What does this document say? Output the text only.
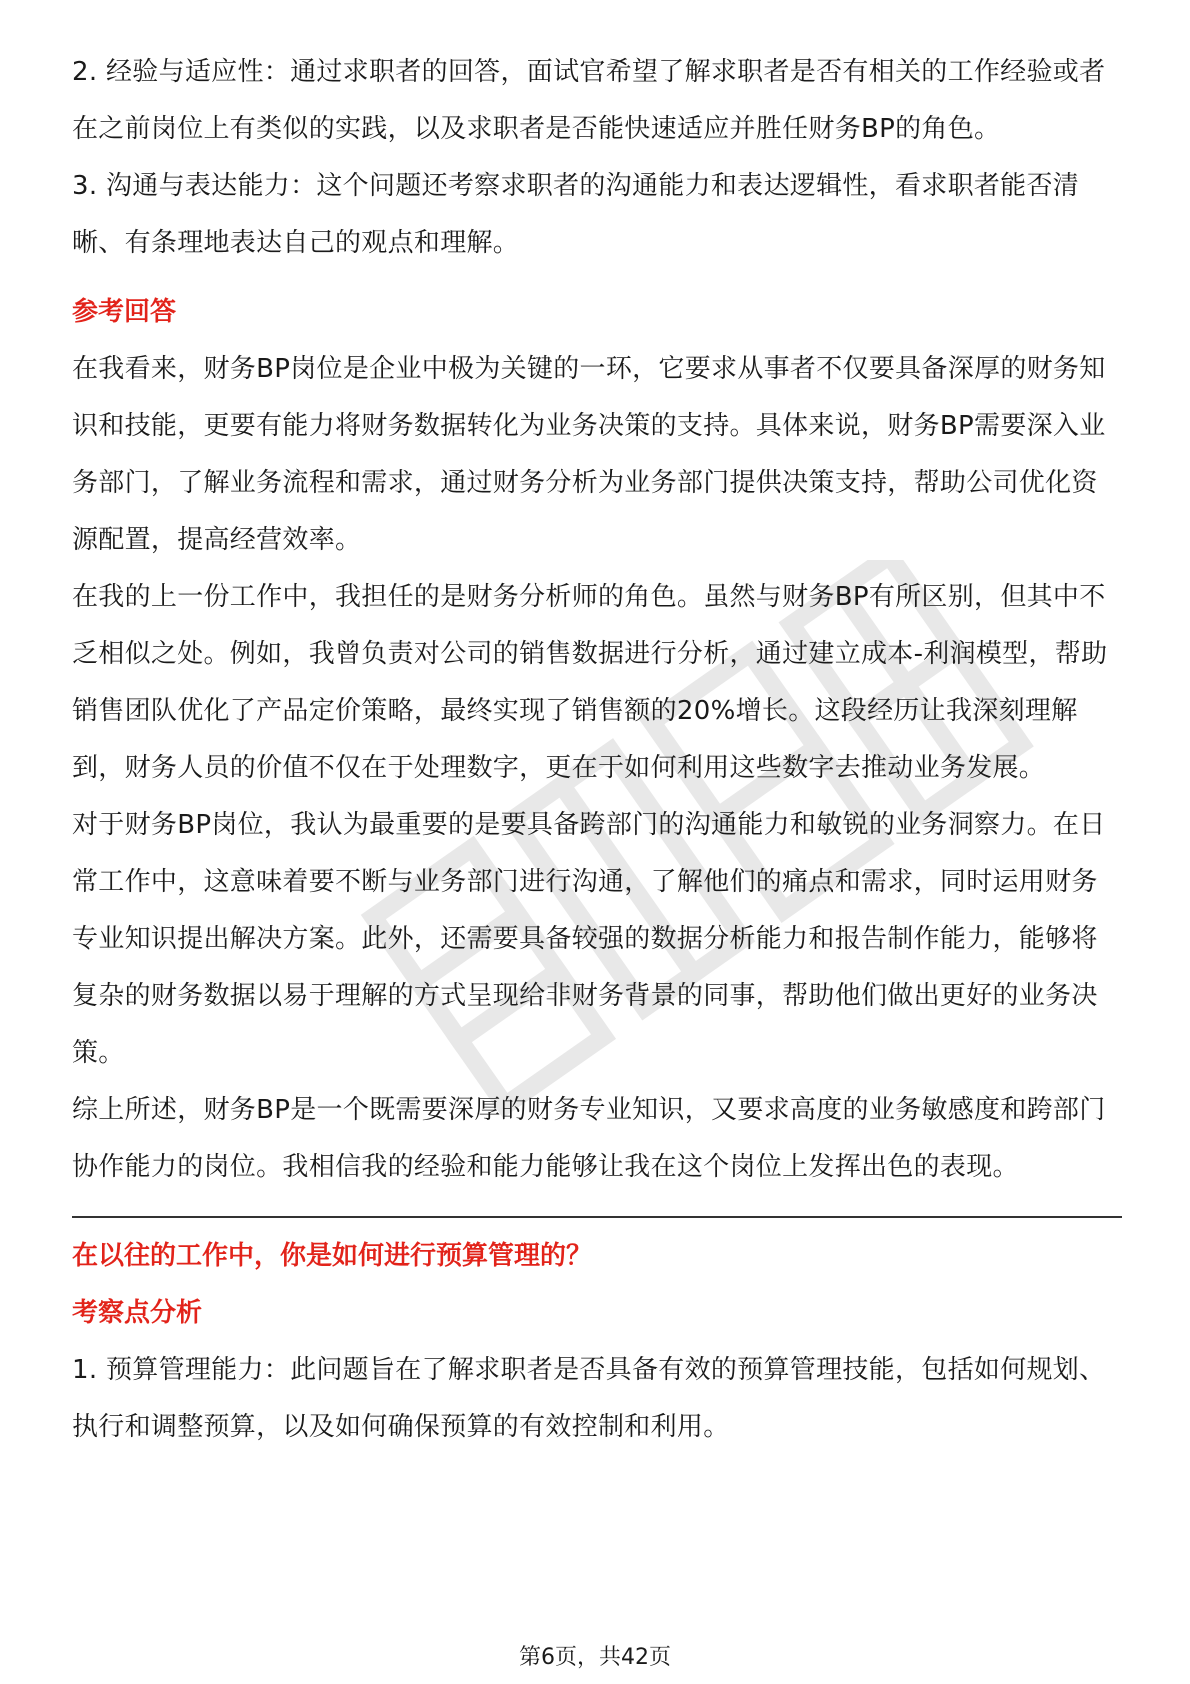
2. 经验与适应性：通过求职者的回答，面试官希望了解求职者是否有相关的工作经验或者在之前岗位上有类似的实践，以及求职者是否能快速适应并胜任财务BP的角色。

3. 沟通与表达能力：这个问题还考察求职者的沟通能力和表达逻辑性，看求职者能否清晰、有条理地表达自己的观点和理解。

参考回答

在我看来，财务BP岗位是企业中极为关键的一环，它要求从事者不仅要具备深厚的财务知识和技能，更要有能力将财务数据转化为业务决策的支持。具体来说，财务BP需要深入业务部门，了解业务流程和需求，通过财务分析为业务部门提供决策支持，帮助公司优化资源配置，提高经营效率。

在我的上一份工作中，我担任的是财务分析师的角色。虽然与财务BP有所区别，但其中不乏相似之处。例如，我曾负责对公司的销售数据进行分析，通过建立成本-利润模型，帮助销售团队优化了产品定价策略，最终实现了销售额的20%增长。这段经历让我深刻理解到，财务人员的价值不仅在于处理数字，更在于如何利用这些数字去推动业务发展。

对于财务BP岗位，我认为最重要的是要具备跨部门的沟通能力和敏锐的业务洞察力。在日常工作中，这意味着要不断与业务部门进行沟通，了解他们的痛点和需求，同时运用财务专业知识提出解决方案。此外，还需要具备较强的数据分析能力和报告制作能力，能够将复杂的财务数据以易于理解的方式呈现给非财务背景的同事，帮助他们做出更好的业务决策。

综上所述，财务BP是一个既需要深厚的财务专业知识，又要求高度的业务敏感度和跨部门协作能力的岗位。我相信我的经验和能力能够让我在这个岗位上发挥出色的表现。

在以往的工作中，你是如何进行预算管理的？
考察点分析

1. 预算管理能力：此问题旨在了解求职者是否具备有效的预算管理技能，包括如何规划、执行和调整预算，以及如何确保预算的有效控制和利用。

第6页，共42页
